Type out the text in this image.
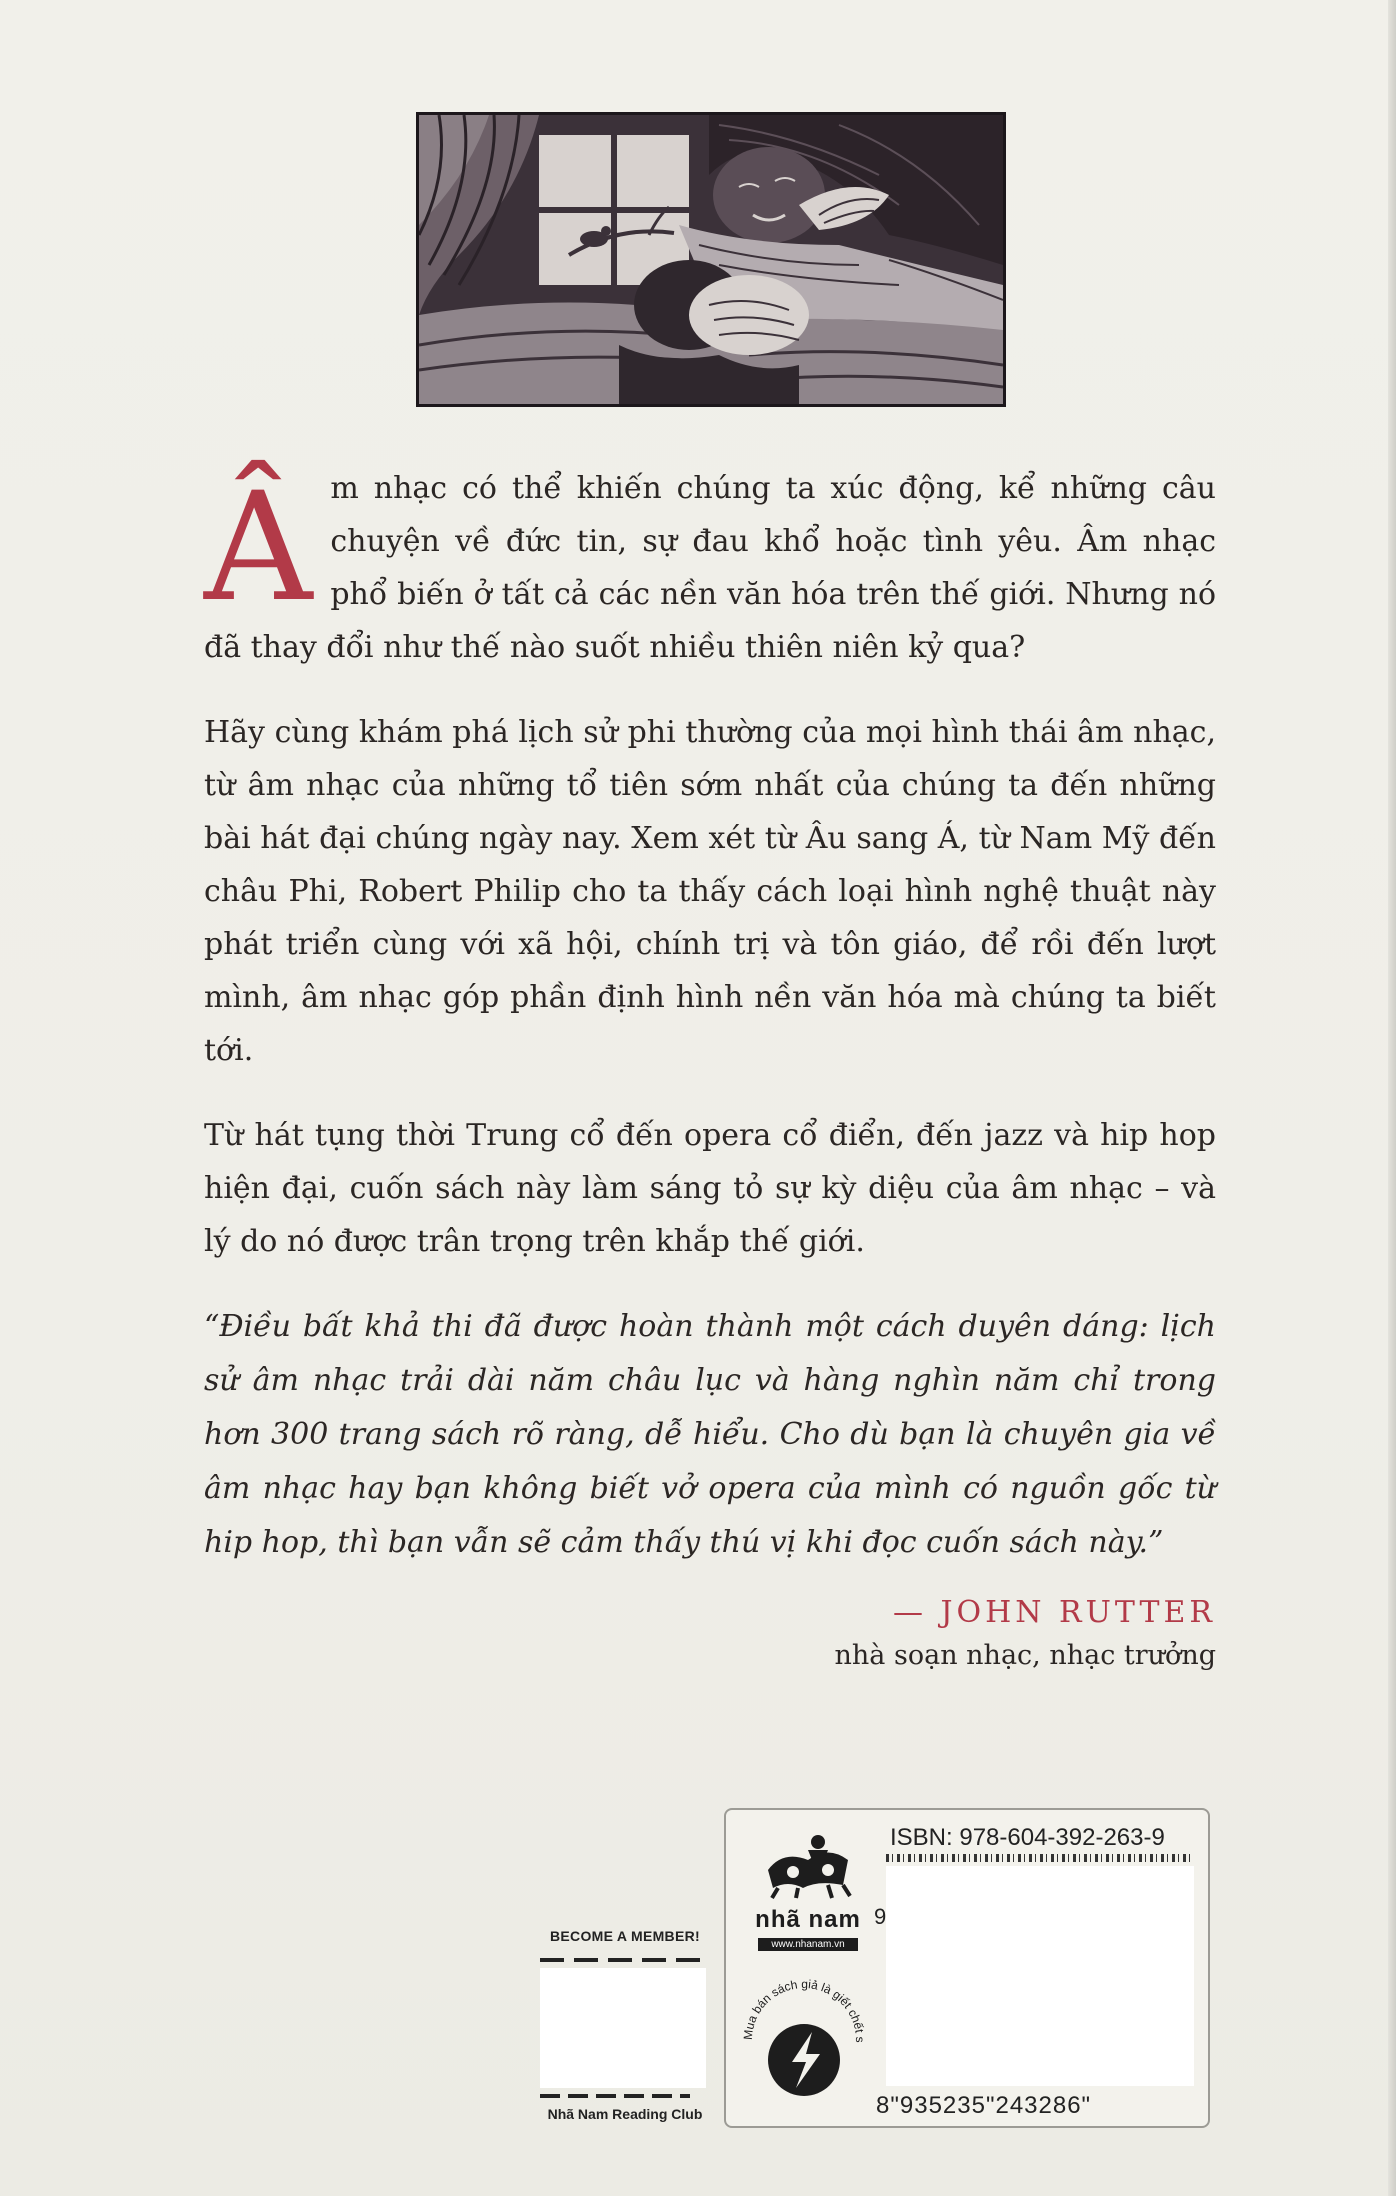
Âm nhạc có thể khiến chúng ta xúc động, kể những câu chuyện về đức tin, sự đau khổ hoặc tình yêu. Âm nhạc phổ biến ở tất cả các nền văn hóa trên thế giới. Nhưng nó đã thay đổi như thế nào suốt nhiều thiên niên kỷ qua?

Hãy cùng khám phá lịch sử phi thường của mọi hình thái âm nhạc, từ âm nhạc của những tổ tiên sớm nhất của chúng ta đến những bài hát đại chúng ngày nay. Xem xét từ Âu sang Á, từ Nam Mỹ đến châu Phi, Robert Philip cho ta thấy cách loại hình nghệ thuật này phát triển cùng với xã hội, chính trị và tôn giáo, để rồi đến lượt mình, âm nhạc góp phần định hình nền văn hóa mà chúng ta biết tới.

Từ hát tụng thời Trung cổ đến opera cổ điển, đến jazz và hip hop hiện đại, cuốn sách này làm sáng tỏ sự kỳ diệu của âm nhạc – và lý do nó được trân trọng trên khắp thế giới.

“Điều bất khả thi đã được hoàn thành một cách duyên dáng: lịch sử âm nhạc trải dài năm châu lục và hàng nghìn năm chỉ trong hơn 300 trang sách rõ ràng, dễ hiểu. Cho dù bạn là chuyên gia về âm nhạc hay bạn không biết vở opera của mình có nguồn gốc từ hip hop, thì bạn vẫn sẽ cảm thấy thú vị khi đọc cuốn sách này.”

— JOHN RUTTER
nhà soạn nhạc, nhạc trưởng
BECOME A MEMBER!
Nhã Nam Reading Club
nhã nam
www.nhanam.vn
Mua bán sách giả là giết chết s
ISBN: 978-604-392-263-9
9
8"935235"243286"
